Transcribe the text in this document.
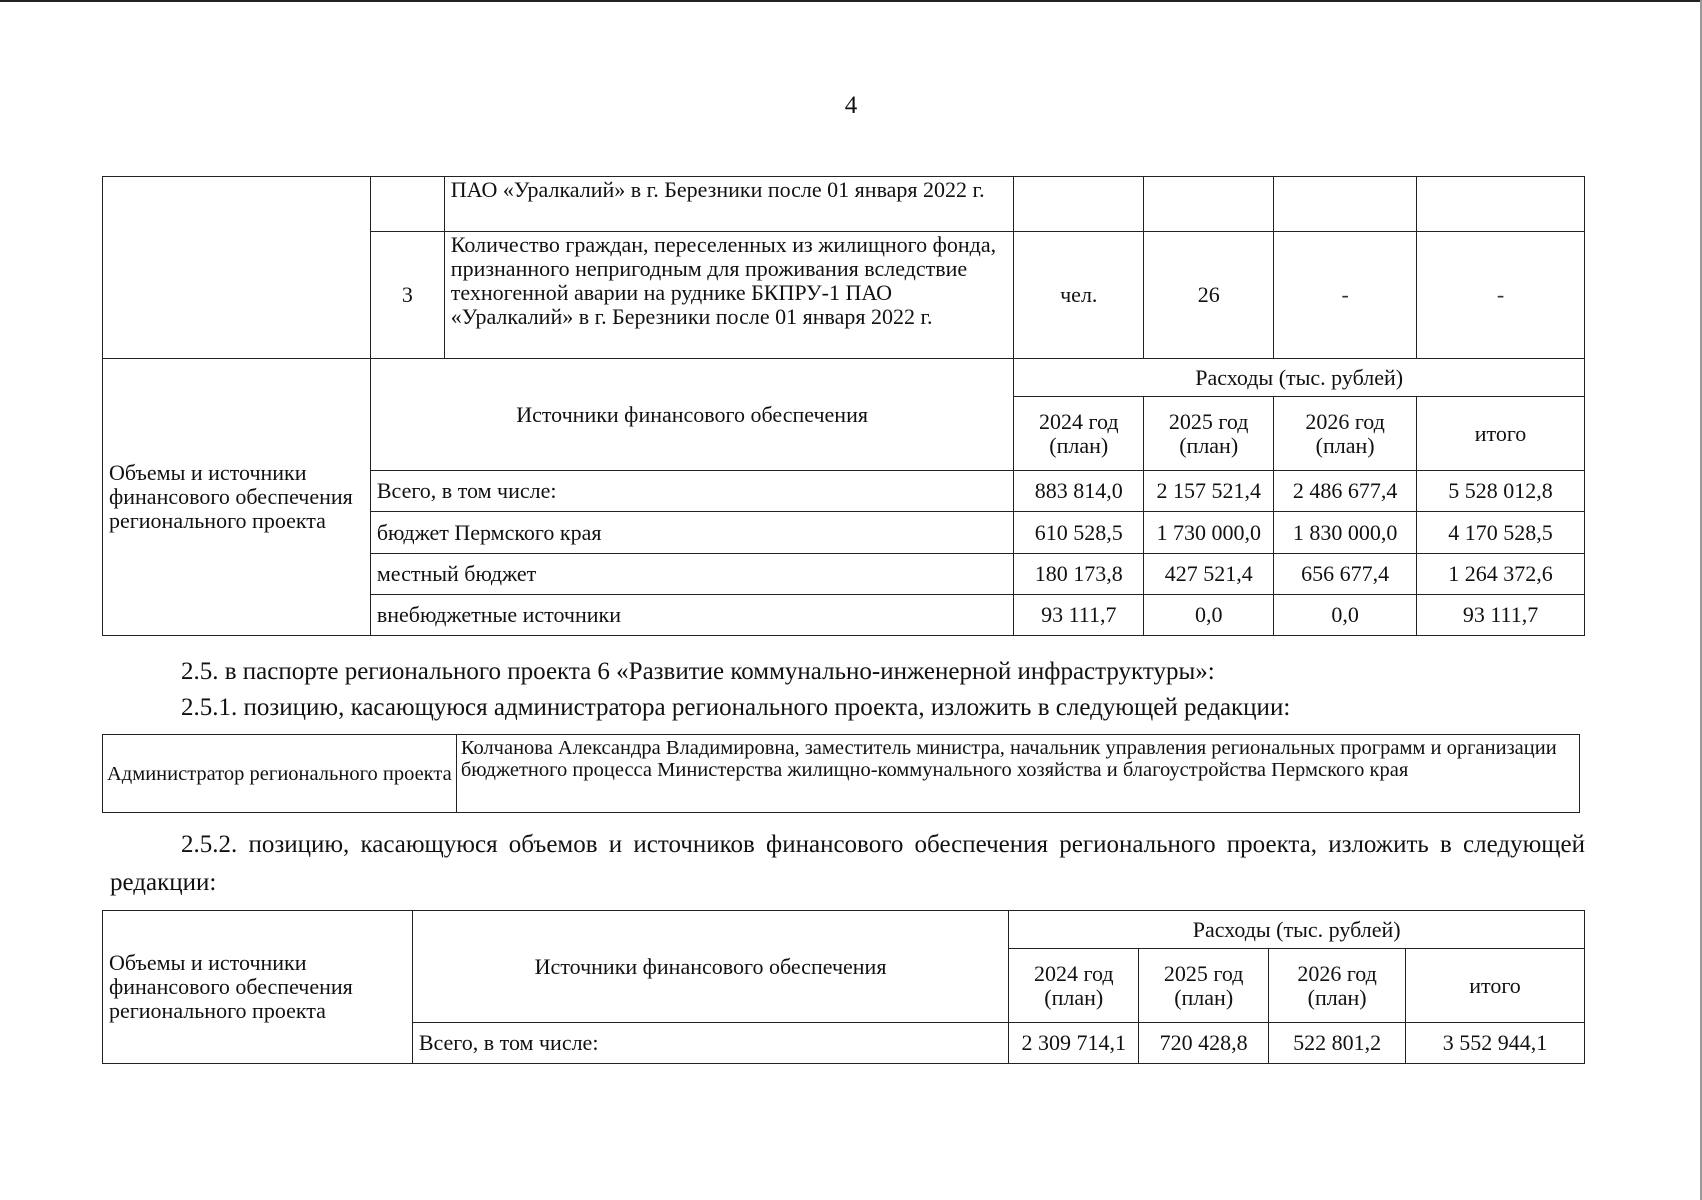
4
		ПАО «Уралкалий» в г. Березники после 01 января 2022 г.				
	3	Количество граждан, переселенных из жилищного фонда, признанного непригодным для проживания вследствие техногенной аварии на руднике БКПРУ-1 ПАО «Уралкалий» в г. Березники после 01 января 2022 г.	чел.	26	-	-
Объемы и источники финансового обеспечения регионального проекта	Источники финансового обеспечения		Расходы (тыс. рублей)			
			2024 год (план)	2025 год (план)	2026 год (план)	итого
	Всего, в том числе:		883 814,0	2 157 521,4	2 486 677,4	5 528 012,8
	бюджет Пермского края		610 528,5	1 730 000,0	1 830 000,0	4 170 528,5
	местный бюджет		180 173,8	427 521,4	656 677,4	1 264 372,6
	внебюджетные источники		93 111,7	0,0	0,0	93 111,7
2.5. в паспорте регионального проекта 6 «Развитие коммунально-инженерной инфраструктуры»:
2.5.1. позицию, касающуюся администратора регионального проекта, изложить в следующей редакции:
Администратор регионального проекта	Колчанова Александра Владимировна, заместитель министра, начальник управления региональных программ и организации бюджетного процесса Министерства жилищно-коммунального хозяйства и благоустройства Пермского края
2.5.2. позицию, касающуюся объемов и источников финансового обеспечения регионального проекта, изложить в следующей редакции:
Объемы и источники финансового обеспечения регионального проекта	Источники финансового обеспечения	Расходы (тыс. рублей)			
		2024 год (план)	2025 год (план)	2026 год (план)	итого
	Всего, в том числе:	2 309 714,1	720 428,8	522 801,2	3 552 944,1
